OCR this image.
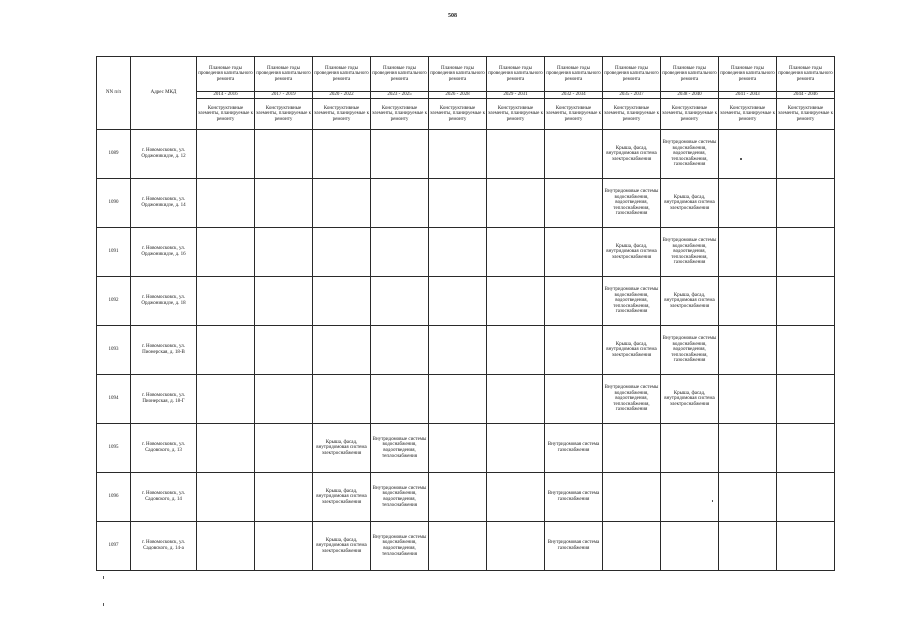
508
NN п/п	Адрес МКД	Плановые годы проведения капитального ремонта	Плановые годы проведения капитального ремонта	Плановые годы проведения капитального ремонта	Плановые годы проведения капитального ремонта	Плановые годы проведения капитального ремонта	Плановые годы проведения капитального ремонта	Плановые годы проведения капитального ремонта	Плановые годы проведения капитального ремонта	Плановые годы проведения капитального ремонта	Плановые годы проведения капитального ремонта	Плановые годы проведения капитального ремонта
		2014 - 2016	2017 - 2019	2020 - 2022	2023 - 2025	2026 - 2028	2029 - 2031	2032 - 2034	2035 - 2037	2038 - 2040	2041 - 2043	2044 - 2046
		Конструктивные элементы, планируемые к ремонту	Конструктивные элементы, планируемые к ремонту	Конструктивные элементы, планируемые к ремонту	Конструктивные элементы, планируемые к ремонту	Конструктивные элементы, планируемые к ремонту	Конструктивные элементы, планируемые к ремонту	Конструктивные элементы, планируемые к ремонту	Конструктивные элементы, планируемые к ремонту	Конструктивные элементы, планируемые к ремонту	Конструктивные элементы, планируемые к ремонту	Конструктивные элементы, планируемые к ремонту
1089	г. Новомосковск, ул. Орджоникидзе, д. 12								Крыша, фасад, внутридомовая система электроснабжения	Внутридомовые системы водоснабжения, водоотведения, теплоснабжения, газоснабжения		
1090	г. Новомосковск, ул. Орджоникидзе, д. 14								Внутридомовые системы водоснабжения, водоотведения, теплоснабжения, газоснабжения	Крыша, фасад, внутридомовая система электроснабжения		
1091	г. Новомосковск, ул. Орджоникидзе, д. 16								Крыша, фасад, внутридомовая система электроснабжения	Внутридомовые системы водоснабжения, водоотведения, теплоснабжения, газоснабжения		
1092	г. Новомосковск, ул. Орджоникидзе, д. 18								Внутридомовые системы водоснабжения, водоотведения, теплоснабжения, газоснабжения	Крыша, фасад, внутридомовая система электроснабжения		
1093	г. Новомосковск, ул. Пионерская, д. 18-В								Крыша, фасад, внутридомовая система электроснабжения	Внутридомовые системы водоснабжения, водоотведения, теплоснабжения, газоснабжения		
1094	г. Новомосковск, ул. Пионерская, д. 18-Г								Внутридомовые системы водоснабжения, водоотведения, теплоснабжения, газоснабжения	Крыша, фасад, внутридомовая система электроснабжения		
1095	г. Новомосковск, ул. Садовского, д. 13			Крыша, фасад, внутридомовая система электроснабжения	Внутридомовые системы водоснабжения, водоотведения, теплоснабжения			Внутридомовая система газоснабжения				
1096	г. Новомосковск, ул. Садовского, д. 14			Крыша, фасад, внутридомовая система электроснабжения	Внутридомовые системы водоснабжения, водоотведения, теплоснабжения			Внутридомовая система газоснабжения				
1097	г. Новомосковск, ул. Садовского, д. 14-а			Крыша, фасад, внутридомовая система электроснабжения	Внутридомовые системы водоснабжения, водоотведения, теплоснабжения			Внутридомовая система газоснабжения				
